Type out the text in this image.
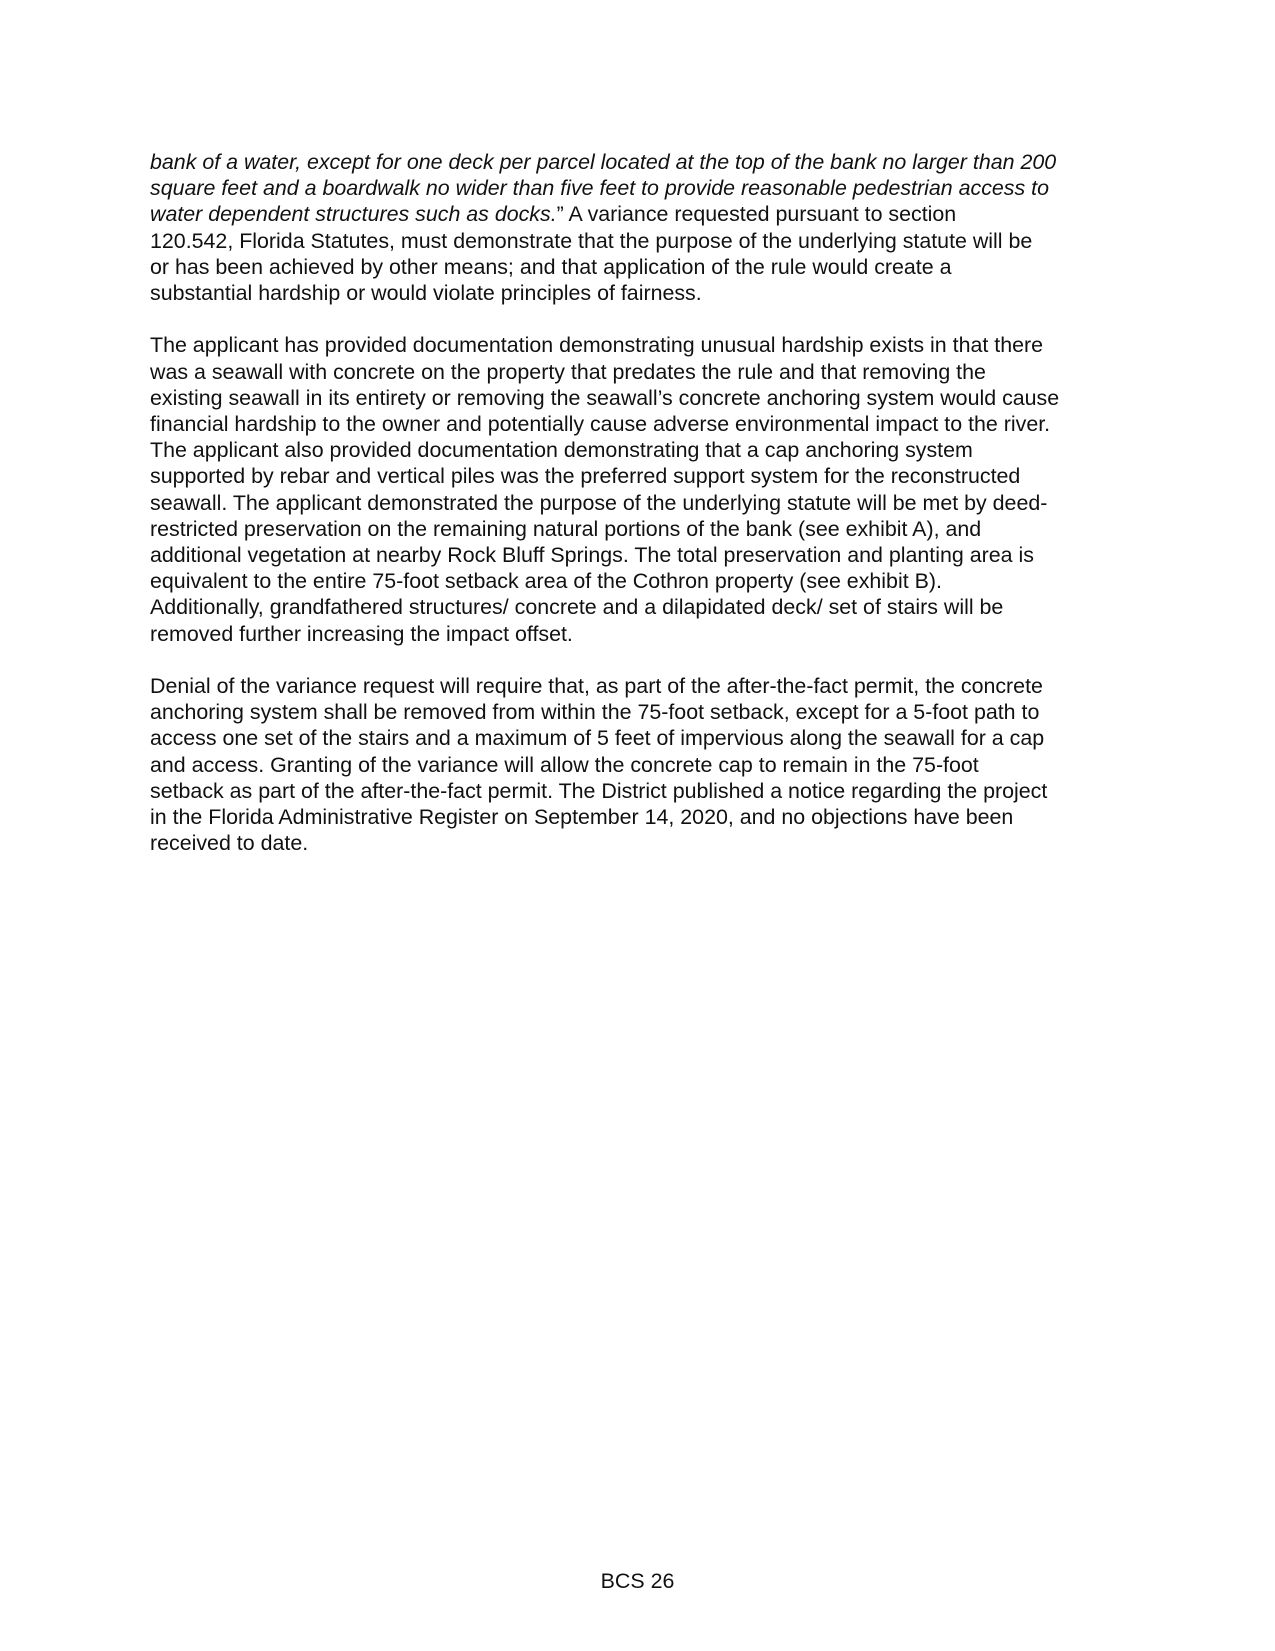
bank of a water, except for one deck per parcel located at the top of the bank no larger than 200
square feet and a boardwalk no wider than five feet to provide reasonable pedestrian access to
water dependent structures such as docks.” A variance requested pursuant to section
120.542, Florida Statutes, must demonstrate that the purpose of the underlying statute will be
or has been achieved by other means; and that application of the rule would create a
substantial hardship or would violate principles of fairness.

The applicant has provided documentation demonstrating unusual hardship exists in that there
was a seawall with concrete on the property that predates the rule and that removing the
existing seawall in its entirety or removing the seawall’s concrete anchoring system would cause
financial hardship to the owner and potentially cause adverse environmental impact to the river.
The applicant also provided documentation demonstrating that a cap anchoring system
supported by rebar and vertical piles was the preferred support system for the reconstructed
seawall. The applicant demonstrated the purpose of the underlying statute will be met by deed-
restricted preservation on the remaining natural portions of the bank (see exhibit A), and
additional vegetation at nearby Rock Bluff Springs. The total preservation and planting area is
equivalent to the entire 75-foot setback area of the Cothron property (see exhibit B).
Additionally, grandfathered structures/ concrete and a dilapidated deck/ set of stairs will be
removed further increasing the impact offset.

Denial of the variance request will require that, as part of the after-the-fact permit, the concrete
anchoring system shall be removed from within the 75-foot setback, except for a 5-foot path to
access one set of the stairs and a maximum of 5 feet of impervious along the seawall for a cap
and access. Granting of the variance will allow the concrete cap to remain in the 75-foot
setback as part of the after-the-fact permit. The District published a notice regarding the project
in the Florida Administrative Register on September 14, 2020, and no objections have been
received to date.

BCS 26
